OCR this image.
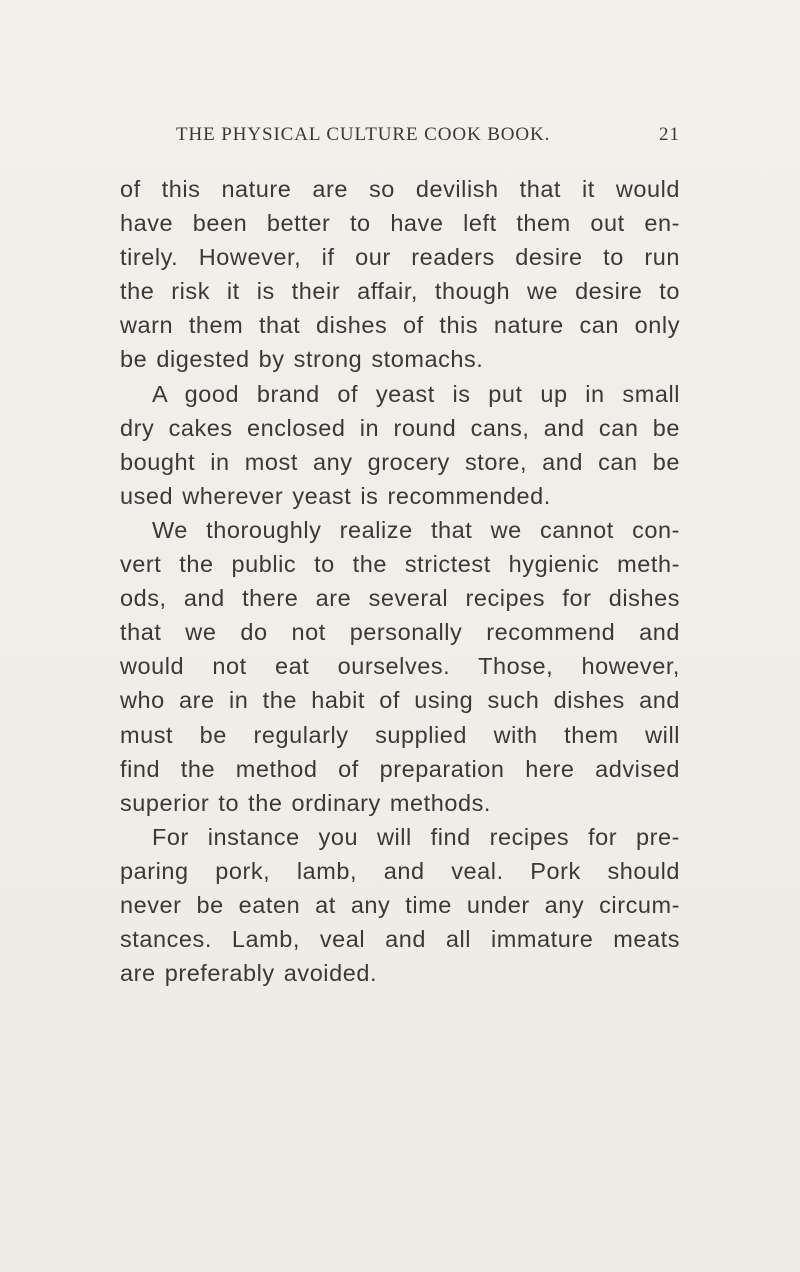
THE PHYSICAL CULTURE COOK BOOK.	21
of this nature are so devilish that it would
have been better to have left them out en-
tirely. However, if our readers desire to run
the risk it is their affair, though we desire to
warn them that dishes of this nature can only
be digested by strong stomachs.
A good brand of yeast is put up in small
dry cakes enclosed in round cans, and can be
bought in most any grocery store, and can be
used wherever yeast is recommended.
We thoroughly realize that we cannot con-
vert the public to the strictest hygienic meth-
ods, and there are several recipes for dishes
that we do not personally recommend and
would not eat ourselves. Those, however,
who are in the habit of using such dishes and
must be regularly supplied with them will
find the method of preparation here advised
superior to the ordinary methods.
For instance you will find recipes for pre-
paring pork, lamb, and veal. Pork should
never be eaten at any time under any circum-
stances. Lamb, veal and all immature meats
are preferably avoided.
